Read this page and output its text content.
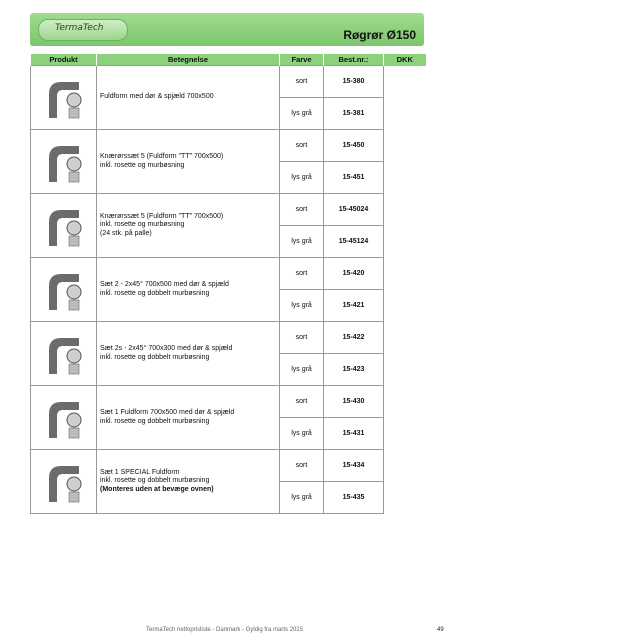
TermaTech	Røgrør Ø150
Produkt	Betegnelse	Farve	Best.nr.:	DKK

Fuldform med dør & spjæld 700x500	sort	15-380	
		lys grå	15-381	

Knærørssæt 5 (Fuldform "TT" 700x500)
inkl. rosette og murbøsning	sort	15-450	
		lys grå	15-451	

Knærørssæt 5 (Fuldform "TT" 700x500)
inkl. rosette og murbøsning
(24 stk. på palle)	sort	15-45024	
		lys grå	15-45124	

Sæt 2 - 2x45° 700x500 med dør & spjæld
inkl. rosette og dobbelt murbøsning	sort	15-420	
		lys grå	15-421	

Sæt 2s - 2x45° 700x300 med dør & spjæld
inkl. rosette og dobbelt murbøsning	sort	15-422	
		lys grå	15-423	

Sæt 1 Fuldform 700x500 med dør & spjæld
inkl. rosette og dobbelt murbøsning	sort	15-430	
		lys grå	15-431	

Sæt 1 SPECIAL Fuldform
inkl. rosette og dobbelt murbøsning
(Monteres uden at bevæge ovnen)	sort	15-434	
		lys grå	15-435	
TermaTech nettoprisliste - Danmark - Gyldig fra marts 2015	49
